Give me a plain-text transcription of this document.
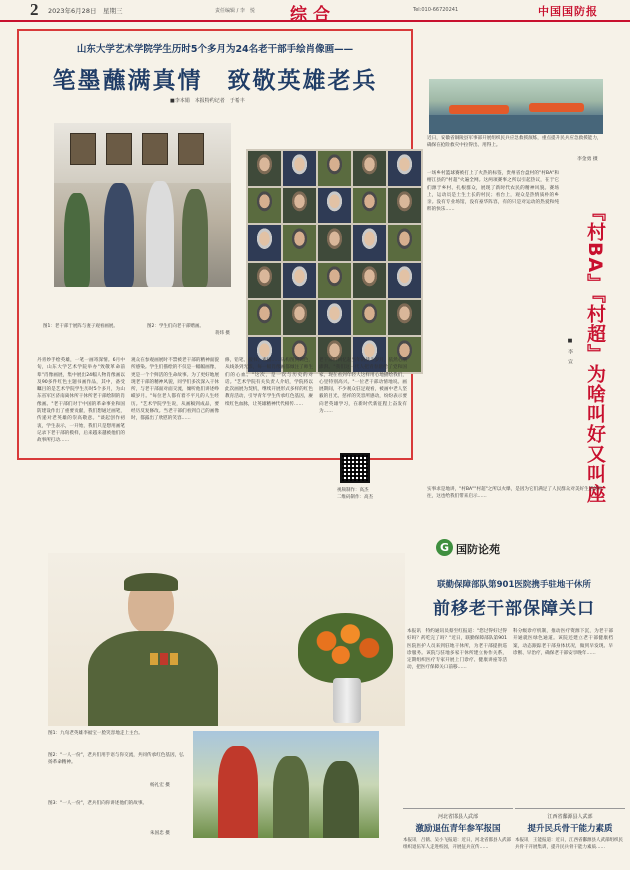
2 2023年6月28日　星期三	责任编辑 / 李　悦 综合	Tel:010-66720241	中国国防报
山东大学艺术学院学生历时5个多月为24名老干部手绘肖像画——
笔墨蘸满真情　致敬英雄老兵
■李本娟　本报特约记者　于希丰
图1：老干部于展阵与妻子观看画展。	图2：学生们向老干部赠画。
蒋炜 摄
丹青妙手绘英雄，一笔一画寄深情。6月中旬，山东大学艺术学院举办"致敬革命前辈"肖像画展，集中展出24幅人物肖像画以及90多件红色主题书画作品，其中，备受瞩目的是艺术学院学生历时5个多月，为山东省军区济南离休所干休所老干部绘制的肖像画。"老干部们对于中国的革命事业和国防建设作出了重要贡献，我们想通过画笔，传递对老英雄的崇高敬意。"谈起创作初衷，学生表示，一开始，我们只是想用画笔记录下老干部的模样，后来越来越被他们的故事所打动……
观众在参观画展时不禁被老干部的精神面貌所感染。学生们描绘的不仅是一幅幅画像，更是一个个鲜活的生命故事。为了更好地展现老干部的精神风貌，同学们多次深入干休所，与老干部面对面交流，倾听他们讲述峥嵘岁月。"每位老人都有着不平凡的人生经历。"艺术学院学生说，从画稿到成品，要经历反复修改。当老干部们看到自己的画像时，都露出了欣慰的笑容……
修，铅笔、板书、素描……从构图到调色，从线条到光影，每一幅肖像画都倾注了师生们的心血。"这次，是一次与历史的对话。"艺术学院有关负责人介绍，学院将以此次画展为契机，继续开展形式多样的红色教育活动，引导青年学生传承红色基因，赓续红色血脉，让英雄精神代代相传……
老干部们回忆起当年的战斗岁月，依然心潮澎湃。"我们这一代人把青春献给了党和国家，现在看到年轻人这样用心地描绘我们，心里特别高兴。"一位老干部动情地说。画展期间，不少观众驻足观看，被画中老人坚毅的目光、慈祥的笑容所感动，纷纷表示要向老英雄学习，在新时代新征程上奋发有为……
视频制作：高杰
二维码制作：高杰
近日，安徽省铜陵县军事部开展组织民兵应急救援演练，重点提升民兵应急救援能力，确保在抢险救灾中拉得出、用得上。
李金勇 摄
一场乡村篮球赛被打上了火热的标签，贵州省台盘村的"村BA"和榕江县的"村超"火遍全网。这两项赛事之所以引起热议，在于它们源于乡村、扎根群众，展现了新时代农民的精神风貌。赛场上，运动员是土生土长的村民；看台上，观众是热情质朴的乡亲。没有专业场馆，没有豪华阵容，有的只是对运动的热爱和纯粹的快乐……	『村BA』『村超』为啥叫好又叫座
■　李　宣
实事求是地讲，"村BA""村超"之所以火爆，是因为它们满足了人民群众对美好生活的向往，这也给我们带来启示……
G 国防论苑
联勤保障部队第901医院携手驻地干休所
前移老干部保障关口
本报讯　特约通讯员蔡至红报道："您过得好过得好吗？药吃完了吗？"近日，联勤保障部队第901医院医护人员来到驻地干休所，为老干部提供巡诊服务。该院与驻地多家干休所建立协作关系，定期组织医疗专家开展上门诊疗、健康讲座等活动，把医疗保障关口前移……
科分级诊疗机制，推动医疗资源下沉，为老干部开通就医绿色通道。该院还建立老干部健康档案，动态跟踪老干部身体状况，做到早发现、早诊断、早治疗，确保老干部安享晚年……
河北省邯县人武部
激励退伍青年参军报国
本报讯　吕鹤、吴小飞报道：近日，河北省邯县人武部组织退伍军人走进校园，开展征兵宣传……
江西省鄱源县人武部
提升民兵骨干能力素质
本报讯　王能报道：近日，江西省鄱源县人武部组织民兵骨干开展集训，提升民兵骨干能力素质……
图1：九旬老英雄李福宝一脸笑容地走上主台。
图2："一人一份"，老兵们用手语与你交流，共同传承红色基因，弘扬革命精神。
杨礼宏 摄
图3："一人一份"，老兵们向你讲述他们的故事。
朱国忠 摄
